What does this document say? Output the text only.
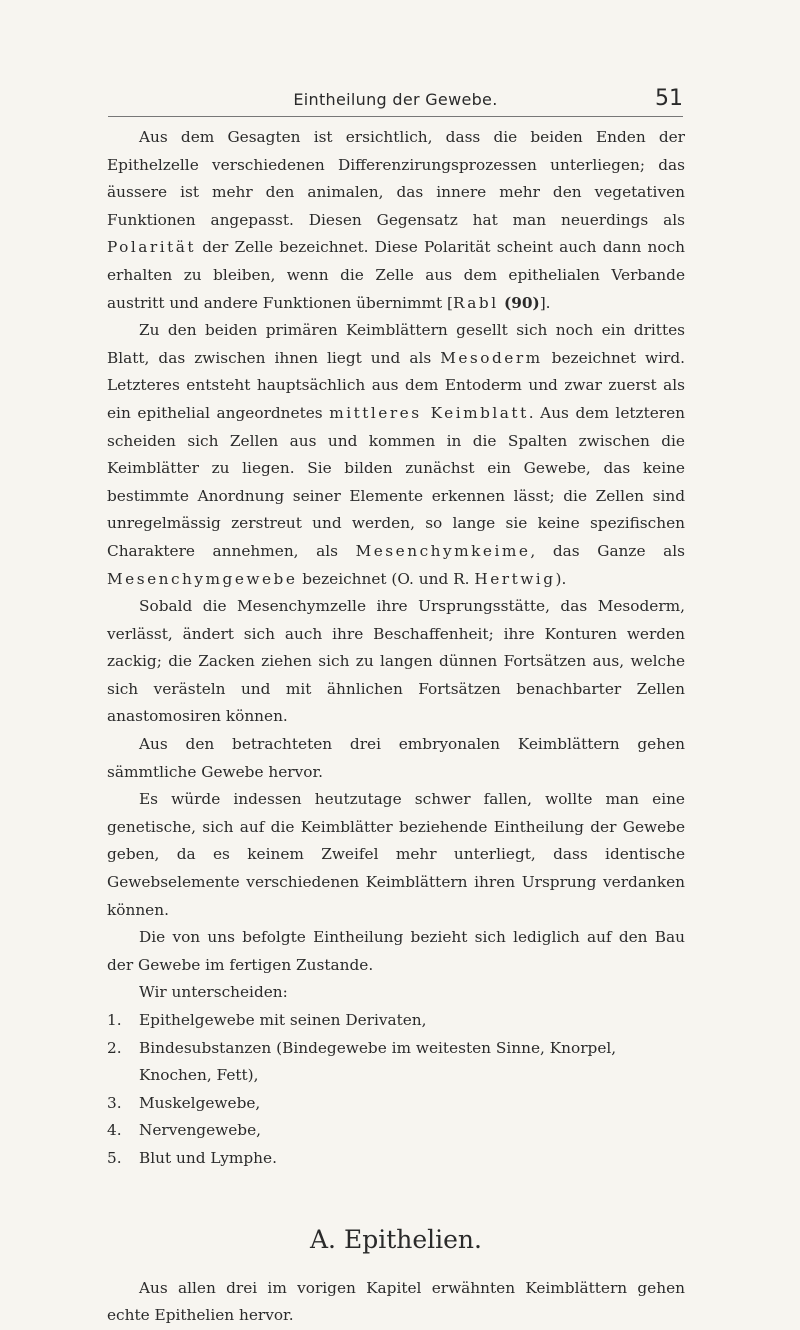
Eintheilung der Gewebe.	51

Aus dem Gesagten ist ersichtlich, dass die beiden Enden der Epithelzelle verschiedenen Differenzirungsprozessen unterliegen; das äussere ist mehr den animalen, das innere mehr den vegetativen Funktionen angepasst. Diesen Gegensatz hat man neuerdings als Polarität der Zelle bezeichnet. Diese Polarität scheint auch dann noch erhalten zu bleiben, wenn die Zelle aus dem epithelialen Verbande austritt und andere Funktionen übernimmt [Rabl (90)].

Zu den beiden primären Keimblättern gesellt sich noch ein drittes Blatt, das zwischen ihnen liegt und als Mesoderm bezeichnet wird. Letzteres entsteht hauptsächlich aus dem Entoderm und zwar zuerst als ein epithelial angeordnetes mittleres Keimblatt. Aus dem letzteren scheiden sich Zellen aus und kommen in die Spalten zwischen die Keimblätter zu liegen. Sie bilden zunächst ein Gewebe, das keine bestimmte Anordnung seiner Elemente erkennen lässt; die Zellen sind unregelmässig zerstreut und werden, so lange sie keine spezifischen Charaktere annehmen, als Mesenchymkeime, das Ganze als Mesenchymgewebe bezeichnet (O. und R. Hertwig).

Sobald die Mesenchymzelle ihre Ursprungsstätte, das Mesoderm, verlässt, ändert sich auch ihre Beschaffenheit; ihre Konturen werden zackig; die Zacken ziehen sich zu langen dünnen Fortsätzen aus, welche sich verästeln und mit ähnlichen Fortsätzen benachbarter Zellen anastomosiren können.

Aus den betrachteten drei embryonalen Keimblättern gehen sämmtliche Gewebe hervor.

Es würde indessen heutzutage schwer fallen, wollte man eine genetische, sich auf die Keimblätter beziehende Eintheilung der Gewebe geben, da es keinem Zweifel mehr unterliegt, dass identische Gewebselemente verschiedenen Keimblättern ihren Ursprung verdanken können.

Die von uns befolgte Eintheilung bezieht sich lediglich auf den Bau der Gewebe im fertigen Zustande.

Wir unterscheiden:

1. Epithelgewebe mit seinen Derivaten,
2. Bindesubstanzen (Bindegewebe im weitesten Sinne, Knorpel, Knochen, Fett),
3. Muskelgewebe,
4. Nervengewebe,
5. Blut und Lymphe.
A. Epithelien.

Aus allen drei im vorigen Kapitel erwähnten Keimblättern gehen echte Epithelien hervor.
